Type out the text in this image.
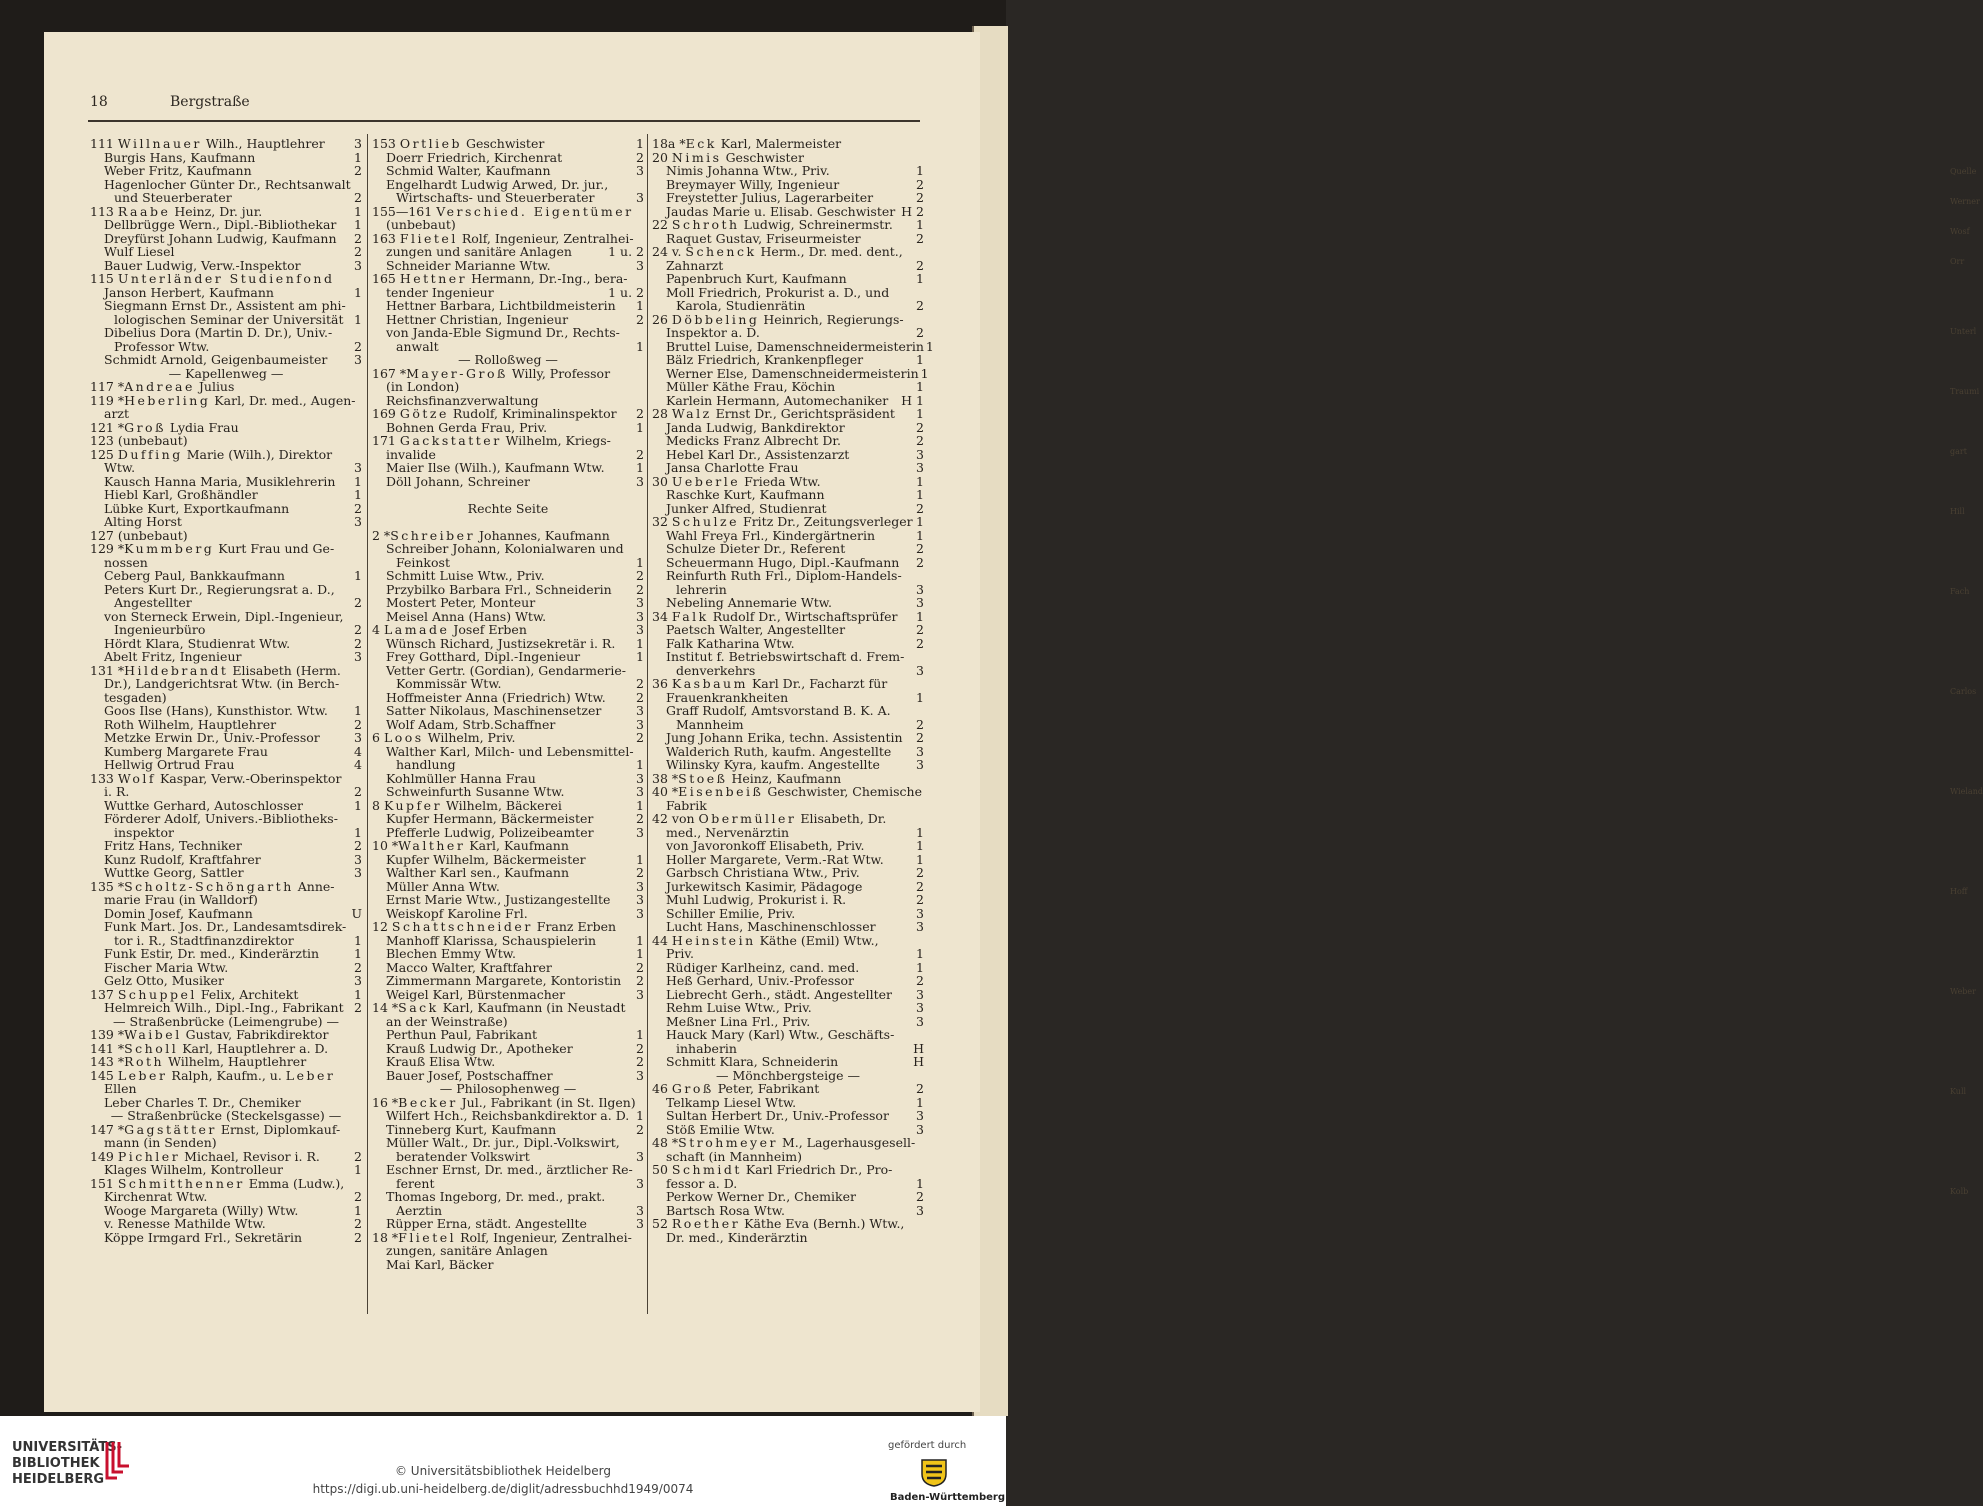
Quelle
Werner
Wosf
Orr
Unterl
Traumi
gart
Hill
Fach
Carlos
Wieland
Hoff
Weber
Kull
Kolb
18	Bergstraße
111 Willnauer Wilh., Hauptlehrer	3
Burgis Hans, Kaufmann	1
Weber Fritz, Kaufmann	2
Hagenlocher Günter Dr., Rechtsanwalt
und Steuerberater	2
113 Raabe Heinz, Dr. jur.	1
Dellbrügge Wern., Dipl.-Bibliothekar	1
Dreyfürst Johann Ludwig, Kaufmann	2
Wulf Liesel	2
Bauer Ludwig, Verw.-Inspektor	3
115 Unterländer Studienfond
Janson Herbert, Kaufmann	1
Siegmann Ernst Dr., Assistent am phi-
lologischen Seminar der Universität 1
Dibelius Dora (Martin D. Dr.), Univ.-
Professor Wtw.	2
Schmidt Arnold, Geigenbaumeister	3
— Kapellenweg —
117 *Andreae Julius
119 *Heberling Karl, Dr. med., Augen-
arzt
121 *Groß Lydia Frau
123 (unbebaut)
125 Duffing Marie (Wilh.), Direktor
Wtw.	3
Kausch Hanna Maria, Musiklehrerin	1
Hiebl Karl, Großhändler	1
Lübke Kurt, Exportkaufmann	2
Alting Horst	3
127 (unbebaut)
129 *Kummberg Kurt Frau und Ge-
nossen
Ceberg Paul, Bankkaufmann	1
Peters Kurt Dr., Regierungsrat a. D.,
Angestellter	2
von Sterneck Erwein, Dipl.-Ingenieur,
Ingenieurbüro	2
Hördt Klara, Studienrat Wtw.	2
Abelt Fritz, Ingenieur	3
131 *Hildebrandt Elisabeth (Herm.
Dr.), Landgerichtsrat Wtw. (in Berch-
tesgaden)
Goos Ilse (Hans), Kunsthistor. Wtw.	1
Roth Wilhelm, Hauptlehrer	2
Metzke Erwin Dr., Univ.-Professor	3
Kumberg Margarete Frau	4
Hellwig Ortrud Frau	4
133 Wolf Kaspar, Verw.-Oberinspektor
i. R.	2
Wuttke Gerhard, Autoschlosser	1
Förderer Adolf, Univers.-Bibliotheks-
inspektor	1
Fritz Hans, Techniker	2
Kunz Rudolf, Kraftfahrer	3
Wuttke Georg, Sattler	3
135 *Scholtz-Schöngarth Anne-
marie Frau (in Walldorf)
Domin Josef, Kaufmann	U
Funk Mart. Jos. Dr., Landesamtsdirek-
tor i. R., Stadtfinanzdirektor	1
Funk Estir, Dr. med., Kinderärztin	1
Fischer Maria Wtw.	2
Gelz Otto, Musiker	3
137 Schuppel Felix, Architekt	1
Helmreich Wilh., Dipl.-Ing., Fabrikant 2
— Straßenbrücke (Leimengrube) —
139 *Waibel Gustav, Fabrikdirektor
141 *Scholl Karl, Hauptlehrer a. D.
143 *Roth Wilhelm, Hauptlehrer
145 Leber Ralph, Kaufm., u. Leber
Ellen
Leber Charles T. Dr., Chemiker
— Straßenbrücke (Steckelsgasse) —
147 *Gagstätter Ernst, Diplomkauf-
mann (in Senden)
149 Pichler Michael, Revisor i. R.	2
Klages Wilhelm, Kontrolleur	1
151 Schmitthenner Emma (Ludw.),
Kirchenrat Wtw.	2
Wooge Margareta (Willy) Wtw.	1
v. Renesse Mathilde Wtw.	2
Köppe Irmgard Frl., Sekretärin	2
153 Ortlieb Geschwister	1
Doerr Friedrich, Kirchenrat	2
Schmid Walter, Kaufmann	3
Engelhardt Ludwig Arwed, Dr. jur.,
Wirtschafts- und Steuerberater	3
155—161 Verschied. Eigentümer
(unbebaut)
163 Flietel Rolf, Ingenieur, Zentralhei-
zungen und sanitäre Anlagen	1 u. 2
Schneider Marianne Wtw.	3
165 Hettner Hermann, Dr.-Ing., bera-
tender Ingenieur	1 u. 2
Hettner Barbara, Lichtbildmeisterin	1
Hettner Christian, Ingenieur	2
von Janda-Eble Sigmund Dr., Rechts-
anwalt	1
— Rolloßweg —
167 *Mayer-Groß Willy, Professor
(in London)
Reichsfinanzverwaltung
169 Götze Rudolf, Kriminalinspektor	2
Bohnen Gerda Frau, Priv.	1
171 Gackstatter Wilhelm, Kriegs-
invalide	2
Maier Ilse (Wilh.), Kaufmann Wtw.	1
Döll Johann, Schreiner	3
Rechte Seite
2 *Schreiber Johannes, Kaufmann
Schreiber Johann, Kolonialwaren und
Feinkost	1
Schmitt Luise Wtw., Priv.	2
Przybilko Barbara Frl., Schneiderin	2
Mostert Peter, Monteur	3
Meisel Anna (Hans) Wtw.	3
4 Lamade Josef Erben	3
Wünsch Richard, Justizsekretär i. R.	1
Frey Gotthard, Dipl.-Ingenieur	1
Vetter Gertr. (Gordian), Gendarmerie-
Kommissär Wtw.	2
Hoffmeister Anna (Friedrich) Wtw.	2
Satter Nikolaus, Maschinensetzer	3
Wolf Adam, Strb.Schaffner	3
6 Loos Wilhelm, Priv.	2
Walther Karl, Milch- und Lebensmittel-
handlung	1
Kohlmüller Hanna Frau	3
Schweinfurth Susanne Wtw.	3
8 Kupfer Wilhelm, Bäckerei	1
Kupfer Hermann, Bäckermeister	2
Pfefferle Ludwig, Polizeibeamter	3
10 *Walther Karl, Kaufmann
Kupfer Wilhelm, Bäckermeister	1
Walther Karl sen., Kaufmann	2
Müller Anna Wtw.	3
Ernst Marie Wtw., Justizangestellte	3
Weiskopf Karoline Frl.	3
12 Schattschneider Franz Erben
Manhoff Klarissa, Schauspielerin	1
Blechen Emmy Wtw.	1
Macco Walter, Kraftfahrer	2
Zimmermann Margarete, Kontoristin	2
Weigel Karl, Bürstenmacher	3
14 *Sack Karl, Kaufmann (in Neustadt
an der Weinstraße)
Perthun Paul, Fabrikant	1
Krauß Ludwig Dr., Apotheker	2
Krauß Elisa Wtw.	2
Bauer Josef, Postschaffner	3
— Philosophenweg —
16 *Becker Jul., Fabrikant (in St. Ilgen)
Wilfert Hch., Reichsbankdirektor a. D. 1
Tinneberg Kurt, Kaufmann	2
Müller Walt., Dr. jur., Dipl.-Volkswirt,
beratender Volkswirt	3
Eschner Ernst, Dr. med., ärztlicher Re-
ferent	3
Thomas Ingeborg, Dr. med., prakt.
Aerztin	3
Rüpper Erna, städt. Angestellte	3
18 *Flietel Rolf, Ingenieur, Zentralhei-
zungen, sanitäre Anlagen
Mai Karl, Bäcker
18a *Eck Karl, Malermeister
20 Nimis Geschwister
Nimis Johanna Wtw., Priv.	1
Breymayer Willy, Ingenieur	2
Freystetter Julius, Lagerarbeiter	2
Jaudas Marie u. Elisab. Geschwister H 2
22 Schroth Ludwig, Schreinermstr.	1
Raquet Gustav, Friseurmeister	2
24 v. Schenck Herm., Dr. med. dent.,
Zahnarzt	2
Papenbruch Kurt, Kaufmann	1
Moll Friedrich, Prokurist a. D., und
Karola, Studienrätin	2
26 Döbbeling Heinrich, Regierungs-
Inspektor a. D.	2
Bruttel Luise, Damenschneidermeisterin 1
Bälz Friedrich, Krankenpfleger	1
Werner Else, Damenschneidermeisterin 1
Müller Käthe Frau, Köchin	1
Karlein Hermann, Automechaniker	H 1
28 Walz Ernst Dr., Gerichtspräsident	1
Janda Ludwig, Bankdirektor	2
Medicks Franz Albrecht Dr.	2
Hebel Karl Dr., Assistenzarzt	3
Jansa Charlotte Frau	3
30 Ueberle Frieda Wtw.	1
Raschke Kurt, Kaufmann	1
Junker Alfred, Studienrat	2
32 Schulze Fritz Dr., Zeitungsverleger 1
Wahl Freya Frl., Kindergärtnerin	1
Schulze Dieter Dr., Referent	2
Scheuermann Hugo, Dipl.-Kaufmann	2
Reinfurth Ruth Frl., Diplom-Handels-
lehrerin	3
Nebeling Annemarie Wtw.	3
34 Falk Rudolf Dr., Wirtschaftsprüfer	1
Paetsch Walter, Angestellter	2
Falk Katharina Wtw.	2
Institut f. Betriebswirtschaft d. Frem-
denverkehrs	3
36 Kasbaum Karl Dr., Facharzt für
Frauenkrankheiten	1
Graff Rudolf, Amtsvorstand B. K. A.
Mannheim	2
Jung Johann Erika, techn. Assistentin	2
Walderich Ruth, kaufm. Angestellte	3
Wilinsky Kyra, kaufm. Angestellte	3
38 *Stoeß Heinz, Kaufmann
40 *Eisenbeiß Geschwister, Chemische
Fabrik
42 von Obermüller Elisabeth, Dr.
med., Nervenärztin	1
von Javoronkoff Elisabeth, Priv.	1
Holler Margarete, Verm.-Rat Wtw.	1
Garbsch Christiana Wtw., Priv.	2
Jurkewitsch Kasimir, Pädagoge	2
Muhl Ludwig, Prokurist i. R.	2
Schiller Emilie, Priv.	3
Lucht Hans, Maschinenschlosser	3
44 Heinstein Käthe (Emil) Wtw.,
Priv.	1
Rüdiger Karlheinz, cand. med.	1
Heß Gerhard, Univ.-Professor	2
Liebrecht Gerh., städt. Angestellter	3
Rehm Luise Wtw., Priv.	3
Meßner Lina Frl., Priv.	3
Hauck Mary (Karl) Wtw., Geschäfts-
inhaberin	H
Schmitt Klara, Schneiderin	H
— Mönchbergsteige —
46 Groß Peter, Fabrikant	2
Telkamp Liesel Wtw.	1
Sultan Herbert Dr., Univ.-Professor	3
Stöß Emilie Wtw.	3
48 *Strohmeyer M., Lagerhausgesell-
schaft (in Mannheim)
50 Schmidt Karl Friedrich Dr., Pro-
fessor a. D.	1
Perkow Werner Dr., Chemiker	2
Bartsch Rosa Wtw.	3
52 Roether Käthe Eva (Bernh.) Wtw.,
Dr. med., Kinderärztin
UNIVERSITÄTS-
BIBLIOTHEK
HEIDELBERG
© Universitätsbibliothek Heidelberg
https://digi.ub.uni-heidelberg.de/diglit/adressbuchhd1949/0074
gefördert durch
Baden-Württemberg
